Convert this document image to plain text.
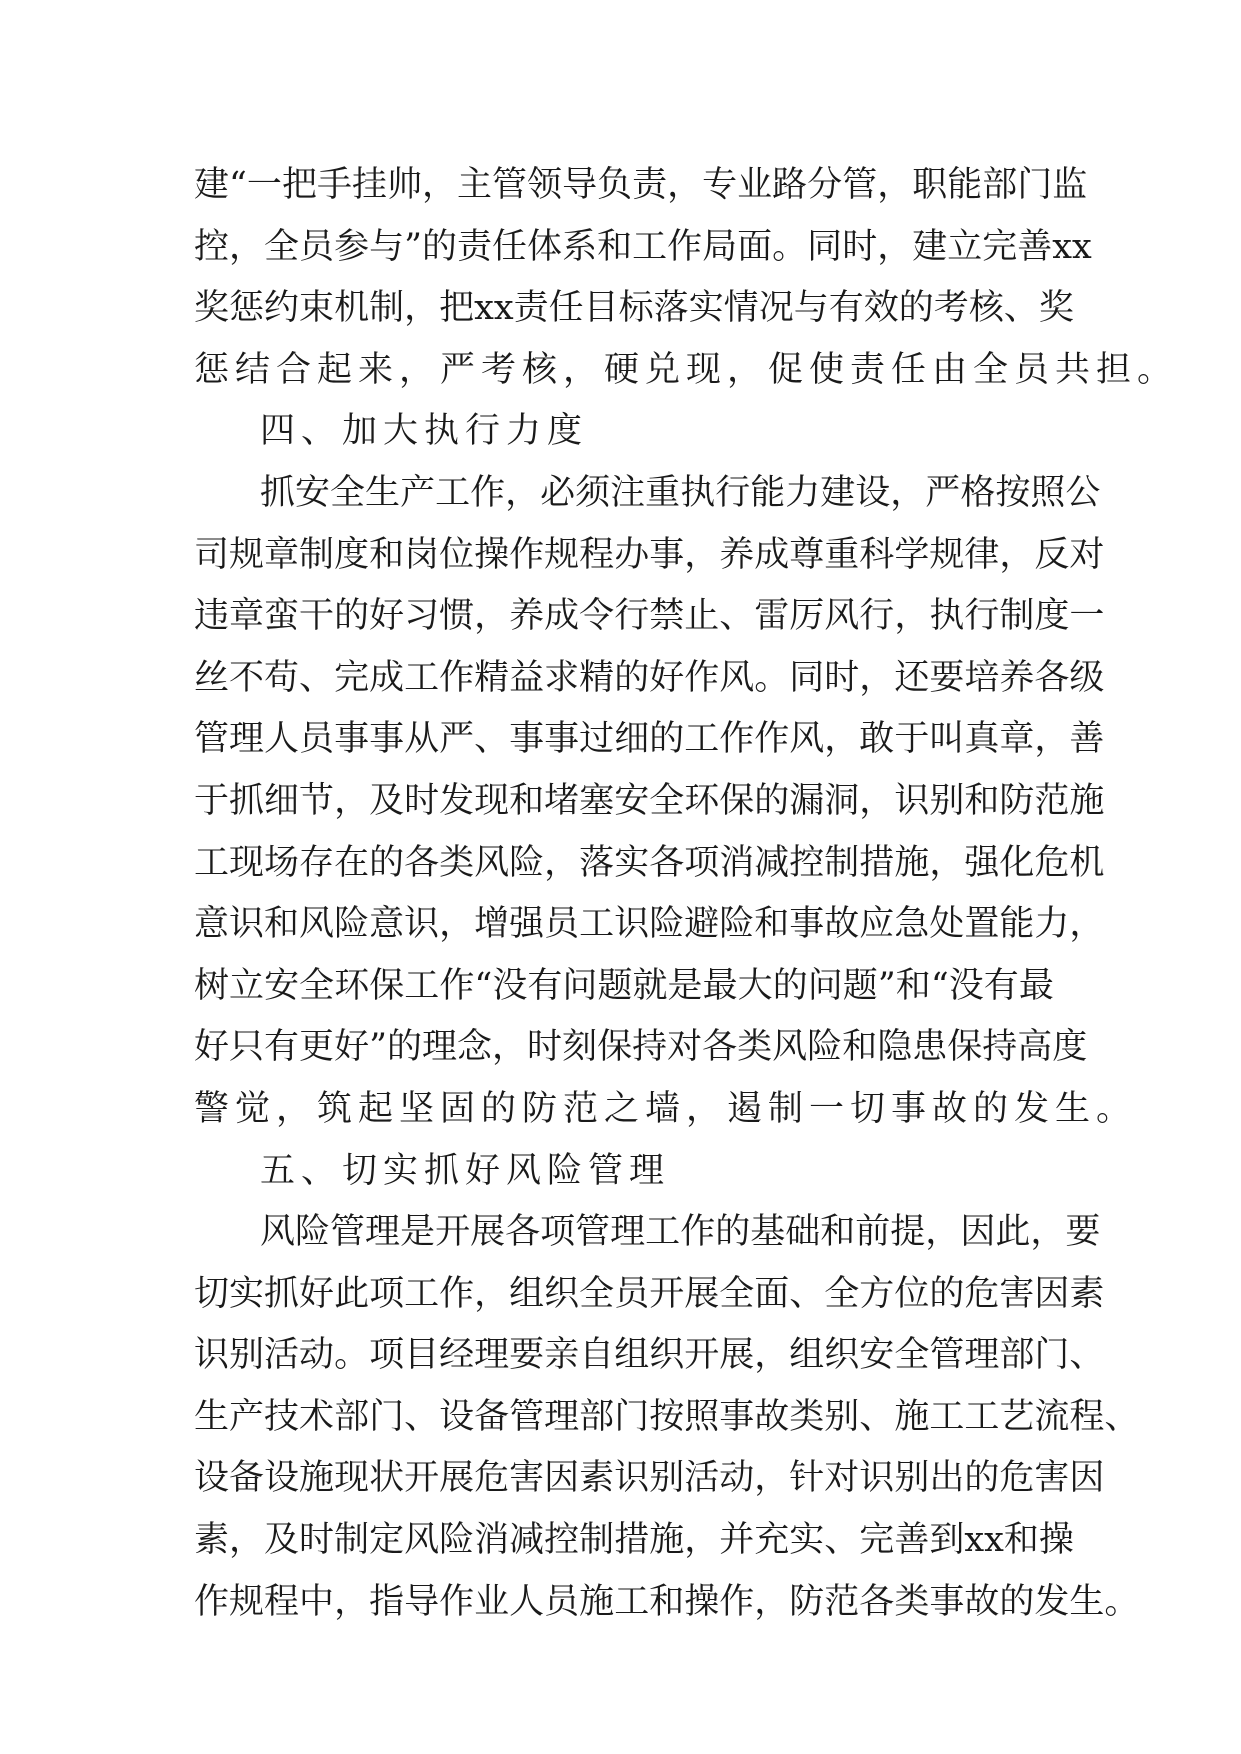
建 “ 一 把 手 挂 帅 ， 主 管 领 导 负 责 ， 专 业 路 分 管 ， 职 能 部 门 监
控 ， 全 员 参 与 ” 的 责 任 体 系 和 工 作 局 面 。 同 时 ， 建 立 完 善 xx
奖 惩 约 束 机 制 ， 把 xx 责 任 目 标 落 实 情 况 与 有 效 的 考 核 、 奖
惩结合起来，严考核，硬兑现，促使责任由全员共担。
四、加大执行力度
抓 安 全 生 产 工 作 ， 必 须 注 重 执 行 能 力 建 设 ， 严 格 按 照 公
司 规 章 制 度 和 岗 位 操 作 规 程 办 事 ， 养 成 尊 重 科 学 规 律 ， 反 对
违 章 蛮 干 的 好 习 惯 ， 养 成 令 行 禁 止 、 雷 厉 风 行 ， 执 行 制 度 一
丝 不 苟 、 完 成 工 作 精 益 求 精 的 好 作 风 。 同 时 ， 还 要 培 养 各 级
管 理 人 员 事 事 从 严 、 事 事 过 细 的 工 作 作 风 ， 敢 于 叫 真 章 ， 善
于 抓 细 节 ， 及 时 发 现 和 堵 塞 安 全 环 保 的 漏 洞 ， 识 别 和 防 范 施
工 现 场 存 在 的 各 类 风 险 ， 落 实 各 项 消 减 控 制 措 施 ， 强 化 危 机
意 识 和 风 险 意 识 ， 增 强 员 工 识 险 避 险 和 事 故 应 急 处 置 能 力 ，
树 立 安 全 环 保 工 作 “ 没 有 问 题 就 是 最 大 的 问 题 ” 和 “ 没 有 最
好 只 有 更 好 ” 的 理 念 ， 时 刻 保 持 对 各 类 风 险 和 隐 患 保 持 高 度
警觉，筑起坚固的防范之墙，遏制一切事故的发生。
五、切实抓好风险管理
风 险 管 理 是 开 展 各 项 管 理 工 作 的 基 础 和 前 提 ， 因 此 ， 要
切 实 抓 好 此 项 工 作 ， 组 织 全 员 开 展 全 面 、 全 方 位 的 危 害 因 素
识 别 活 动 。 项 目 经 理 要 亲 自 组 织 开 展 ， 组 织 安 全 管 理 部 门 、
生 产 技 术 部 门 、 设 备 管 理 部 门 按 照 事 故 类 别 、 施 工 工 艺 流 程 、
设 备 设 施 现 状 开 展 危 害 因 素 识 别 活 动 ， 针 对 识 别 出 的 危 害 因
素 ， 及 时 制 定 风 险 消 减 控 制 措 施 ， 并 充 实 、 完 善 到 xx 和 操
作 规 程 中 ， 指 导 作 业 人 员 施 工 和 操 作 ， 防 范 各 类 事 故 的 发 生 。
